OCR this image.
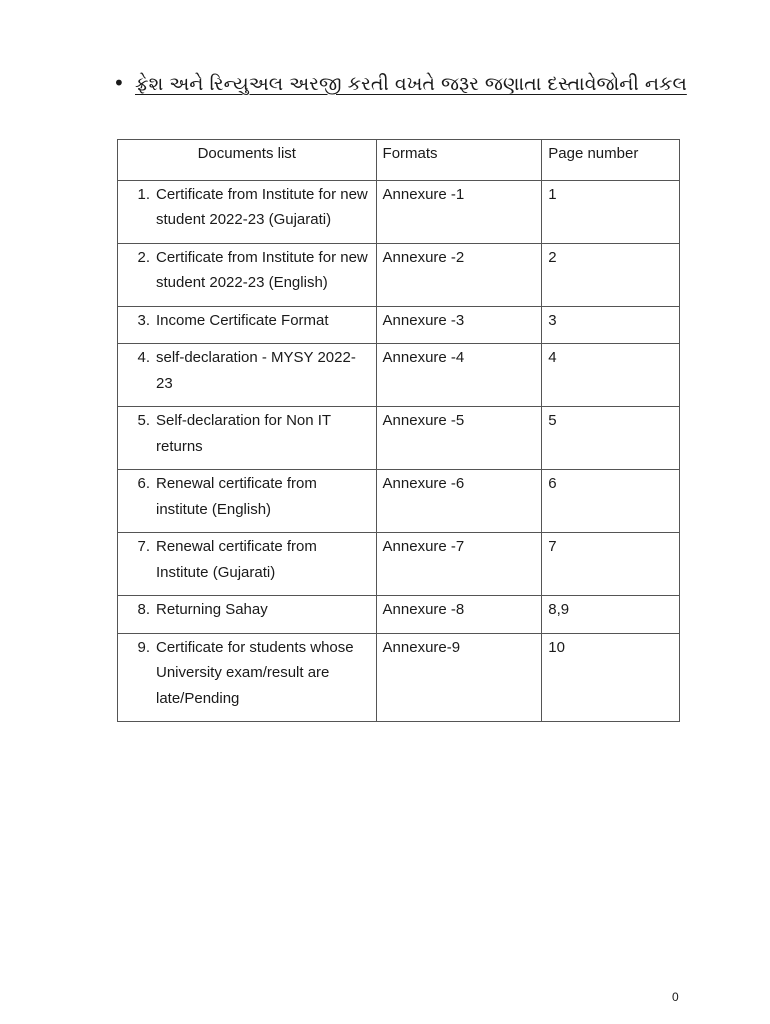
• ફ્રેશ અને રિન્યુઅલ અરજી કરતી વખતે જરૂર જણાતા દસ્તાવેજોની નકલ
Documents list	Formats	Page number

1. Certificate from Institute for new student 2022-23 (Gujarati)	Annexure -1	1

2. Certificate from Institute for new student 2022-23 (English)	Annexure -2	2

3. Income Certificate Format	Annexure -3	3

4. self-declaration - MYSY 2022-23	Annexure -4	4

5. Self-declaration for Non IT returns	Annexure -5	5

6. Renewal certificate from institute (English)	Annexure -6	6

7. Renewal certificate from Institute (Gujarati)	Annexure -7	7

8. Returning Sahay	Annexure -8	8,9

9. Certificate for students whose University exam/result are late/Pending	Annexure-9	10
0
